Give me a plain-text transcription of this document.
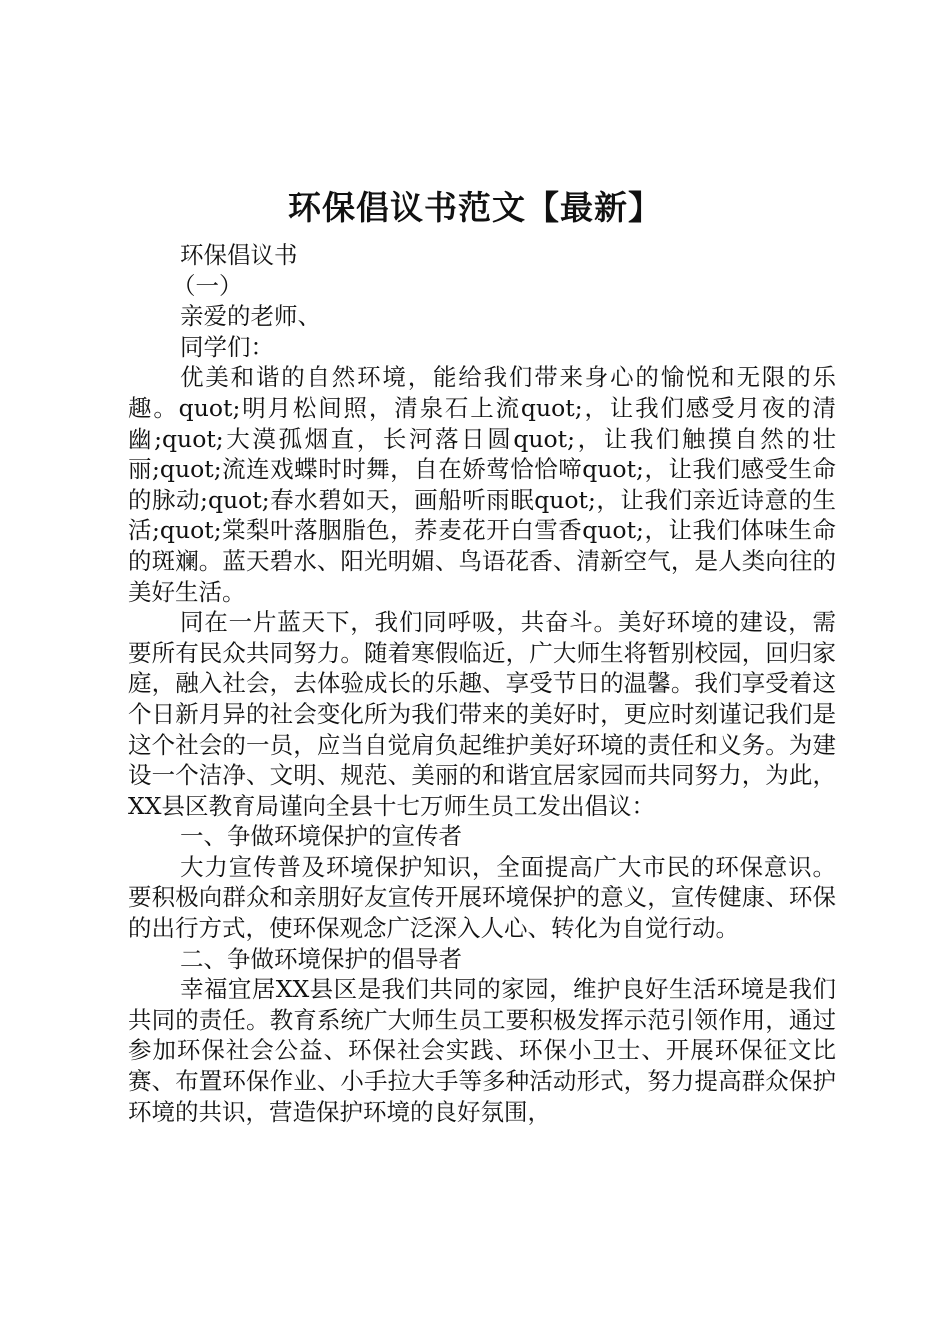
环保倡议书范文【最新】

环保倡议书

（一）

亲爱的老师、

同学们：

优美和谐的自然环境，能给我们带来身心的愉悦和无限的乐趣。quot;明月松间照，清泉石上流quot;，让我们感受月夜的清幽;quot;大漠孤烟直，长河落日圆quot;，让我们触摸自然的壮丽;quot;流连戏蝶时时舞，自在娇莺恰恰啼quot;，让我们感受生命的脉动;quot;春水碧如天，画船听雨眠quot;，让我们亲近诗意的生活;quot;棠梨叶落胭脂色，荞麦花开白雪香quot;，让我们体味生命的斑斓。蓝天碧水、阳光明媚、鸟语花香、清新空气，是人类向往的美好生活。

同在一片蓝天下，我们同呼吸，共奋斗。美好环境的建设，需要所有民众共同努力。随着寒假临近，广大师生将暂别校园，回归家庭，融入社会，去体验成长的乐趣、享受节日的温馨。我们享受着这个日新月异的社会变化所为我们带来的美好时，更应时刻谨记我们是这个社会的一员，应当自觉肩负起维护美好环境的责任和义务。为建设一个洁净、文明、规范、美丽的和谐宜居家园而共同努力，为此，XX县区教育局谨向全县十七万师生员工发出倡议：

一、争做环境保护的宣传者

大力宣传普及环境保护知识，全面提高广大市民的环保意识。要积极向群众和亲朋好友宣传开展环境保护的意义，宣传健康、环保的出行方式，使环保观念广泛深入人心、转化为自觉行动。

二、争做环境保护的倡导者

幸福宜居XX县区是我们共同的家园，维护良好生活环境是我们共同的责任。教育系统广大师生员工要积极发挥示范引领作用，通过参加环保社会公益、环保社会实践、环保小卫士、开展环保征文比赛、布置环保作业、小手拉大手等多种活动形式，努力提高群众保护环境的共识，营造保护环境的良好氛围，
